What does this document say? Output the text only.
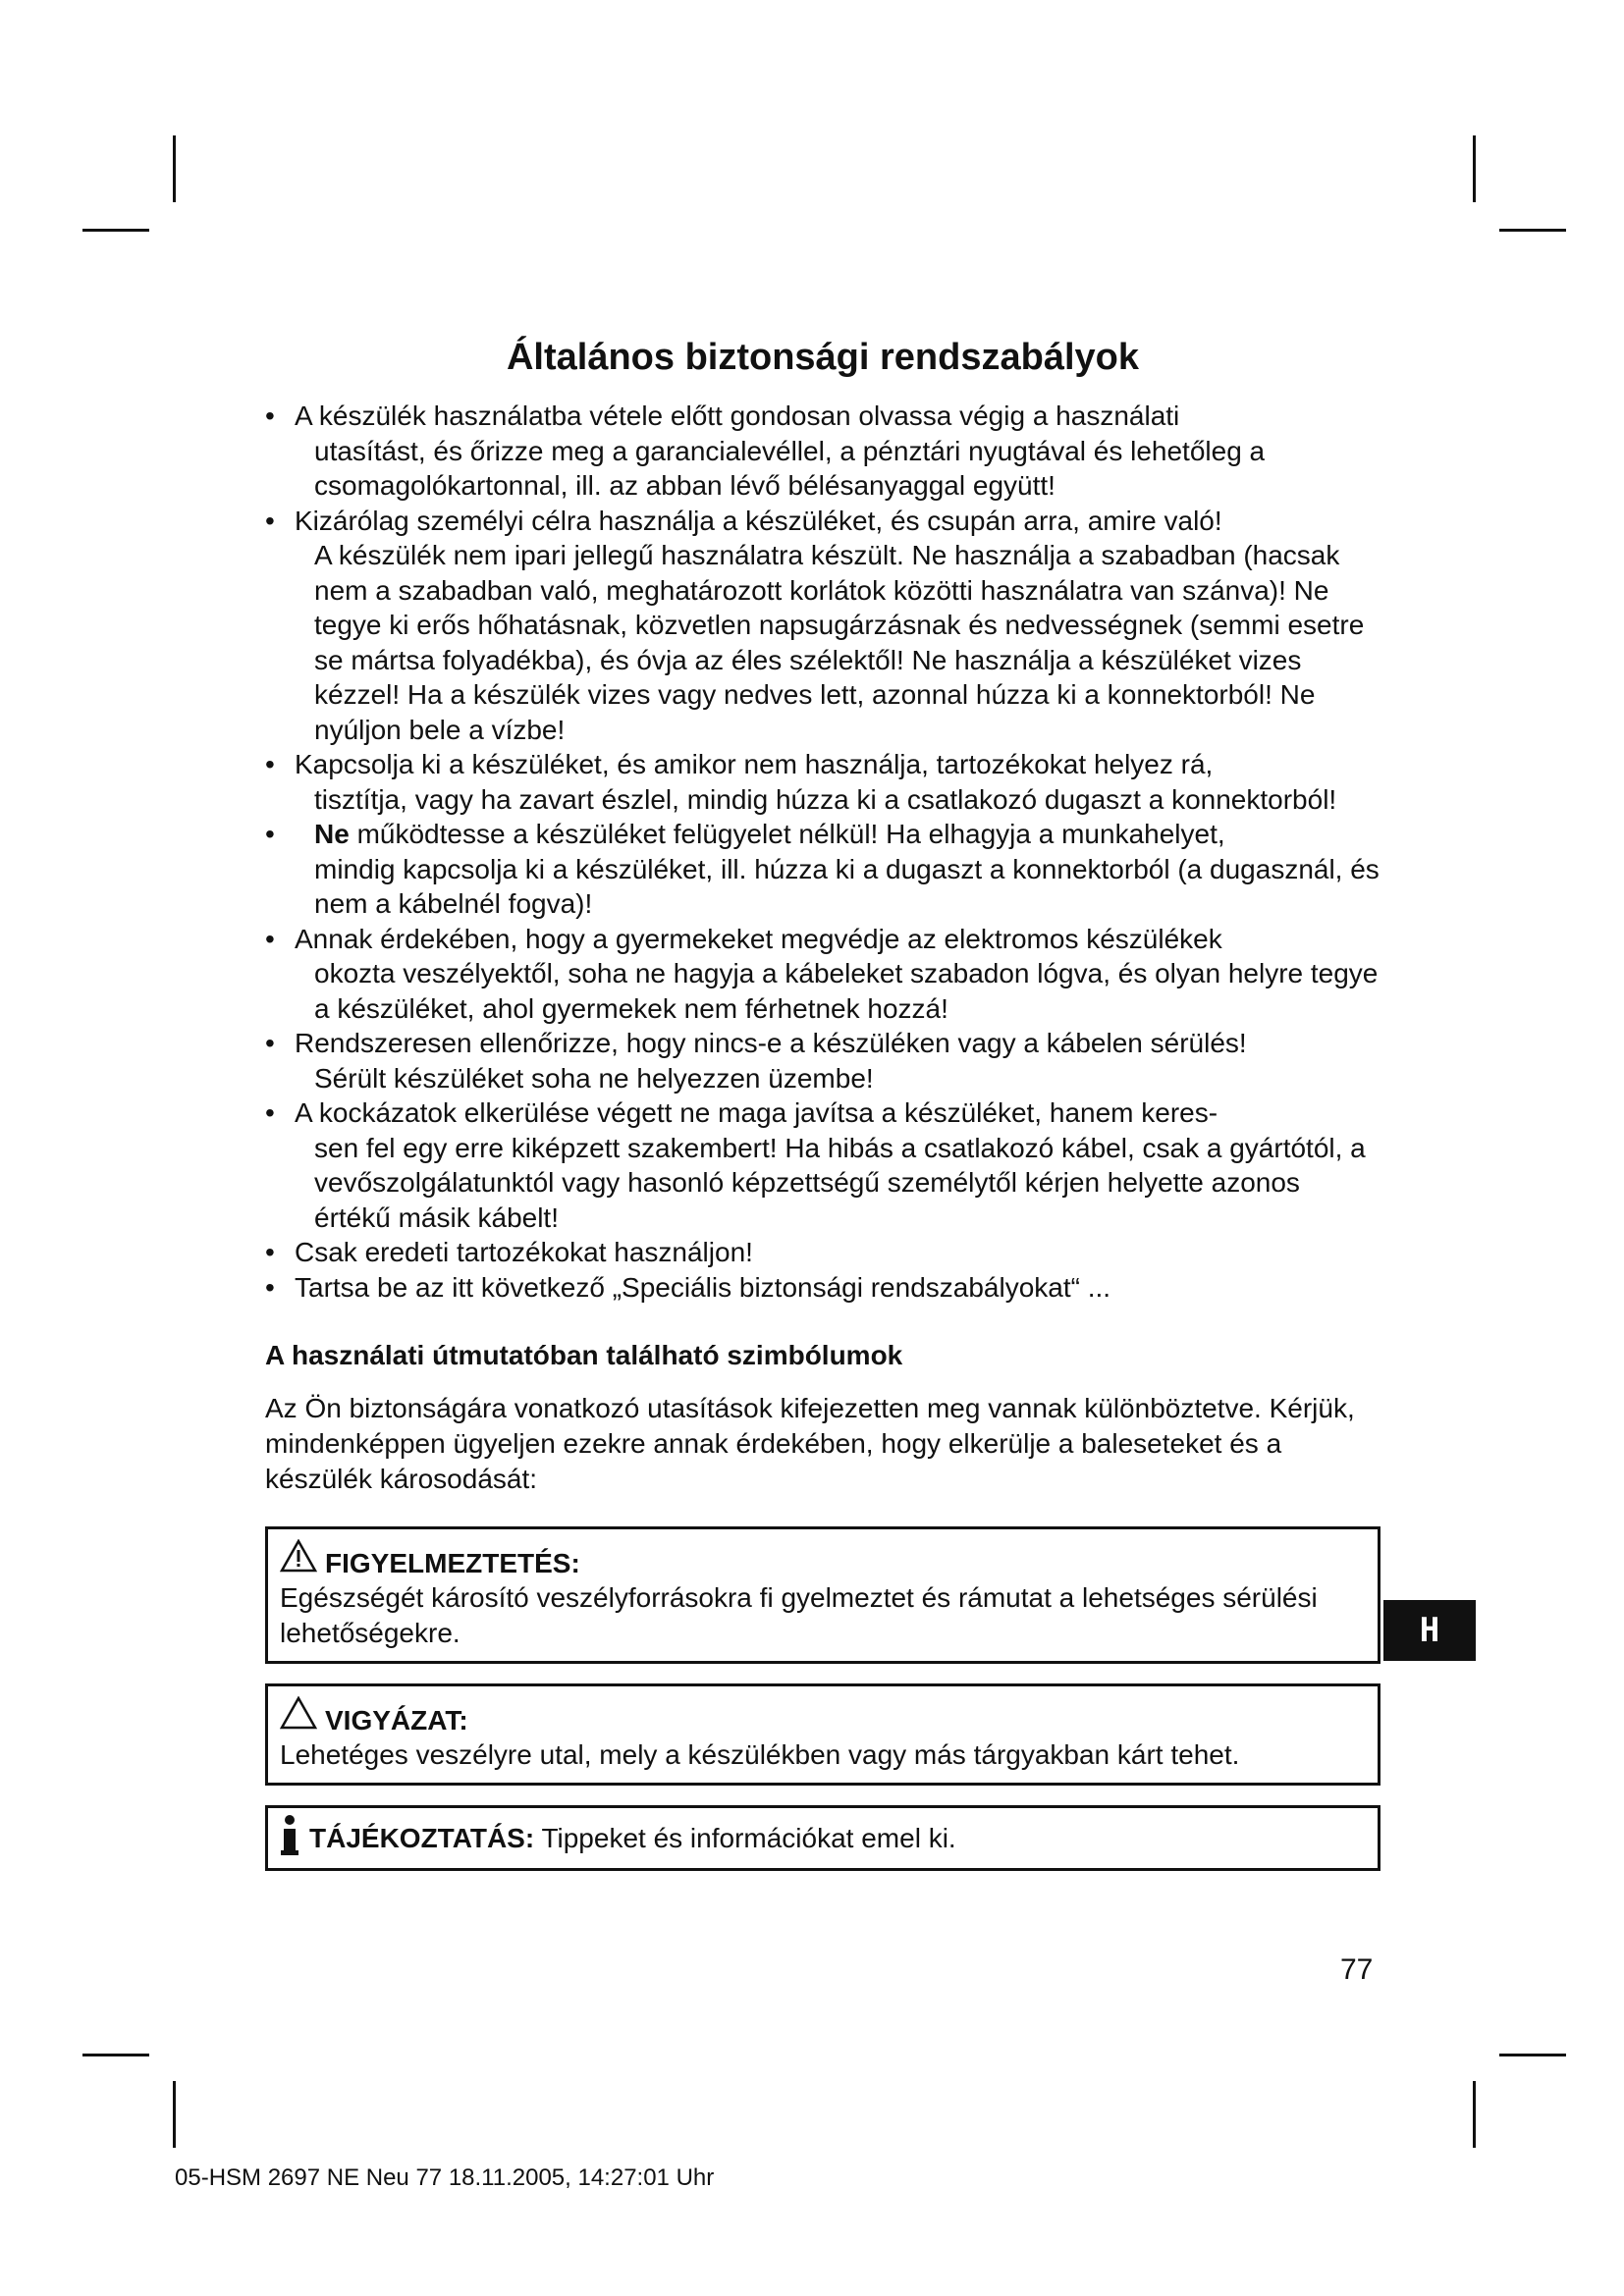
Általános biztonsági rendszabályok
• A készülék használatba vétele előtt gondosan olvassa végig a használati
utasítást, és őrizze meg a garancialevéllel, a pénztári nyugtával és lehetőleg a csomagolókartonnal, ill. az abban lévő bélésanyaggal együtt!
• Kizárólag személyi célra használja a készüléket, és csupán arra, amire való!
A készülék nem ipari jellegű használatra készült. Ne használja a szabadban (hacsak nem a szabadban való, meghatározott korlátok közötti használatra van szánva)! Ne tegye ki erős hőhatásnak, közvetlen napsugárzásnak és nedvességnek (semmi esetre se mártsa folyadékba), és óvja az éles szélektől! Ne használja a készüléket vizes kézzel! Ha a készülék vizes vagy nedves lett, azonnal húzza ki a konnektorból! Ne nyúljon bele a vízbe!
• Kapcsolja ki a készüléket, és amikor nem használja, tartozékokat helyez rá,
tisztítja, vagy ha zavart észlel, mindig húzza ki a csatlakozó dugaszt a konnektorból!
•	Ne működtesse a készüléket felügyelet nélkül! Ha elhagyja a munkahelyet,
mindig kapcsolja ki a készüléket, ill. húzza ki a dugaszt a konnektorból (a dugasznál, és nem a kábelnél fogva)!
• Annak érdekében, hogy a gyermekeket megvédje az elektromos készülékek
okozta veszélyektől, soha ne hagyja a kábeleket szabadon lógva, és olyan helyre tegye a készüléket, ahol gyermekek nem férhetnek hozzá!
• Rendszeresen ellenőrizze, hogy nincs-e a készüléken vagy a kábelen sérülés!
Sérült készüléket soha ne helyezzen üzembe!
• A kockázatok elkerülése végett ne maga javítsa a készüléket, hanem keres-
sen fel egy erre kiképzett szakembert! Ha hibás a csatlakozó kábel, csak a gyártótól, a vevőszolgálatunktól vagy hasonló képzettségű személytől kérjen helyette azonos értékű másik kábelt!
• Csak eredeti tartozékokat használjon!
• Tartsa be az itt következő „Speciális biztonsági rendszabályokat“ ...
A használati útmutatóban található szimbólumok

Az Ön biztonságára vonatkozó utasítások kifejezetten meg vannak különböztetve. Kérjük, mindenképpen ügyeljen ezekre annak érdekében, hogy elkerülje a baleseteket és a készülék károsodását:

FIGYELMEZTETÉS:
Egészségét károsító veszélyforrásokra fi gyelmeztet és rámutat a lehetséges sérülési lehetőségekre.
VIGYÁZAT:
Lehetéges veszélyre utal, mely a készülékben vagy más tárgyakban kárt tehet.
TÁJÉKOZTATÁS: Tippeket és információkat emel ki.
H
77
05-HSM 2697 NE Neu 77 18.11.2005, 14:27:01 Uhr
